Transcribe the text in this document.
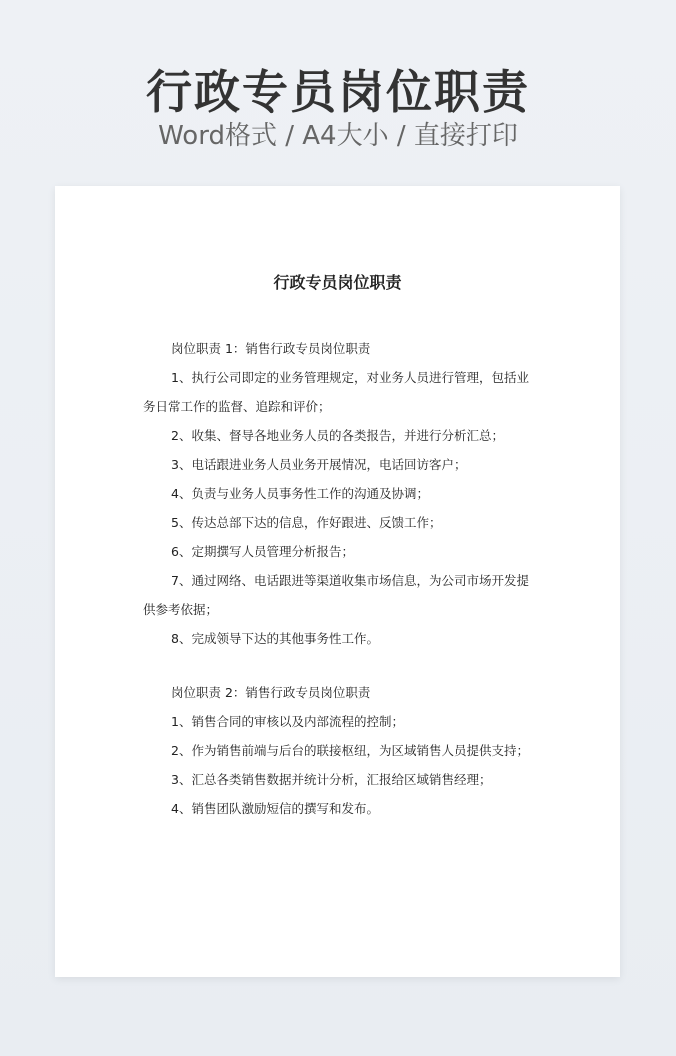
行政专员岗位职责
Word格式 / A4大小 / 直接打印
行政专员岗位职责

岗位职责 1：销售行政专员岗位职责

1、执行公司即定的业务管理规定，对业务人员进行管理，包括业务日常工作的监督、追踪和评价；

2、收集、督导各地业务人员的各类报告，并进行分析汇总；

3、电话跟进业务人员业务开展情况，电话回访客户；

4、负责与业务人员事务性工作的沟通及协调；

5、传达总部下达的信息，作好跟进、反馈工作；

6、定期撰写人员管理分析报告；

7、通过网络、电话跟进等渠道收集市场信息，为公司市场开发提供参考依据；

8、完成领导下达的其他事务性工作。

岗位职责 2：销售行政专员岗位职责

1、销售合同的审核以及内部流程的控制；

2、作为销售前端与后台的联接枢纽，为区域销售人员提供支持；

3、汇总各类销售数据并统计分析，汇报给区域销售经理；

4、销售团队激励短信的撰写和发布。
